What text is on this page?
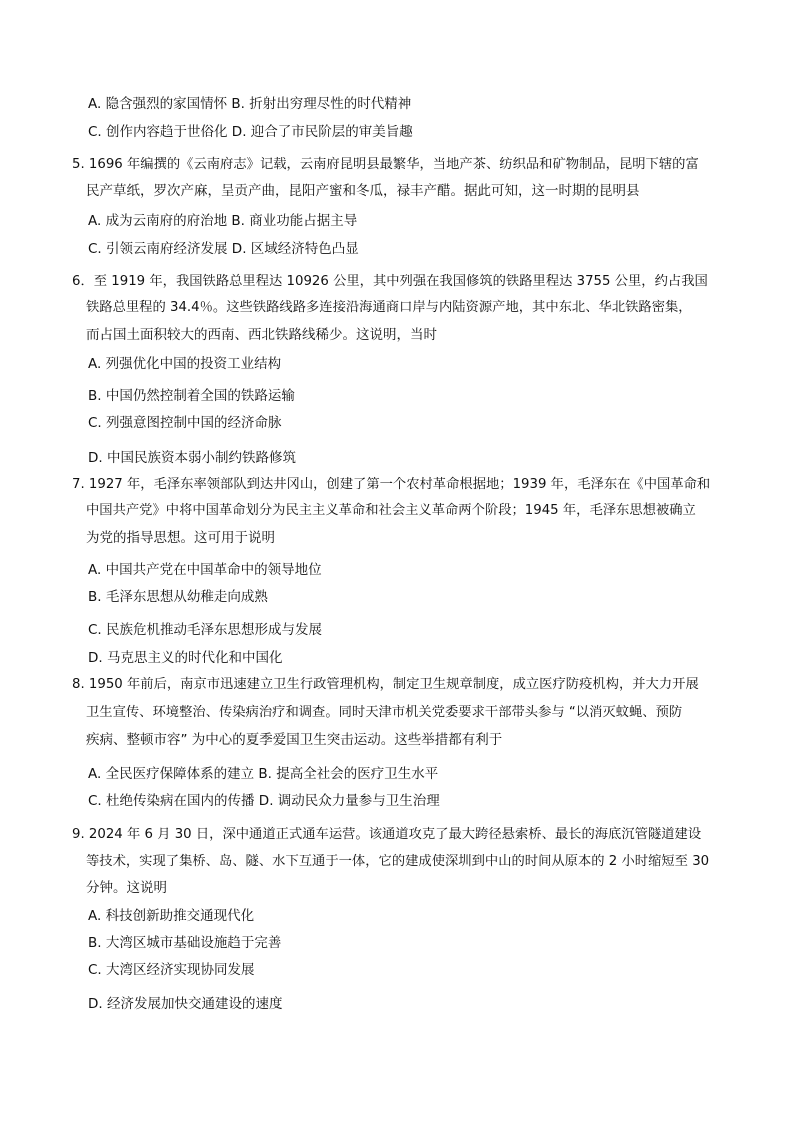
A. 隐含强烈的家国情怀 B. 折射出穷理尽性的时代精神
C. 创作内容趋于世俗化 D. 迎合了市民阶层的审美旨趣
5. 1696 年编撰的《云南府志》记载，云南府昆明县最繁华，当地产茶、纺织品和矿物制品，昆明下辖的富
民产草纸，罗次产麻，呈贡产曲，昆阳产蜜和冬瓜，禄丰产醋。据此可知，这一时期的昆明县
A. 成为云南府的府治地 B. 商业功能占据主导
C. 引领云南府经济发展 D. 区域经济特色凸显
6．至 1919 年，我国铁路总里程达 10926 公里，其中列强在我国修筑的铁路里程达 3755 公里，约占我国
铁路总里程的 34.4％。这些铁路线路多连接沿海通商口岸与内陆资源产地，其中东北、华北铁路密集，
而占国土面积较大的西南、西北铁路线稀少。这说明，当时
A. 列强优化中国的投资工业结构
B. 中国仍然控制着全国的铁路运输
C. 列强意图控制中国的经济命脉
D. 中国民族资本弱小制约铁路修筑
7. 1927 年，毛泽东率领部队到达井冈山，创建了第一个农村革命根据地；1939 年，毛泽东在《中国革命和
中国共产党》中将中国革命划分为民主主义革命和社会主义革命两个阶段；1945 年，毛泽东思想被确立
为党的指导思想。这可用于说明
A. 中国共产党在中国革命中的领导地位
B. 毛泽东思想从幼稚走向成熟
C. 民族危机推动毛泽东思想形成与发展
D. 马克思主义的时代化和中国化
8. 1950 年前后，南京市迅速建立卫生行政管理机构，制定卫生规章制度，成立医疗防疫机构，并大力开展
卫生宣传、环境整治、传染病治疗和调查。同时天津市机关党委要求干部带头参与 “以消灭蚊蝇、预防
疾病、整顿市容” 为中心的夏季爱国卫生突击运动。这些举措都有利于
A. 全民医疗保障体系的建立 B. 提高全社会的医疗卫生水平
C. 杜绝传染病在国内的传播 D. 调动民众力量参与卫生治理
9. 2024 年 6 月 30 日，深中通道正式通车运营。该通道攻克了最大跨径悬索桥、最长的海底沉管隧道建设
等技术，实现了集桥、岛、隧、水下互通于一体，它的建成使深圳到中山的时间从原本的 2 小时缩短至 30
分钟。这说明
A. 科技创新助推交通现代化
B. 大湾区城市基础设施趋于完善
C. 大湾区经济实现协同发展
D. 经济发展加快交通建设的速度
